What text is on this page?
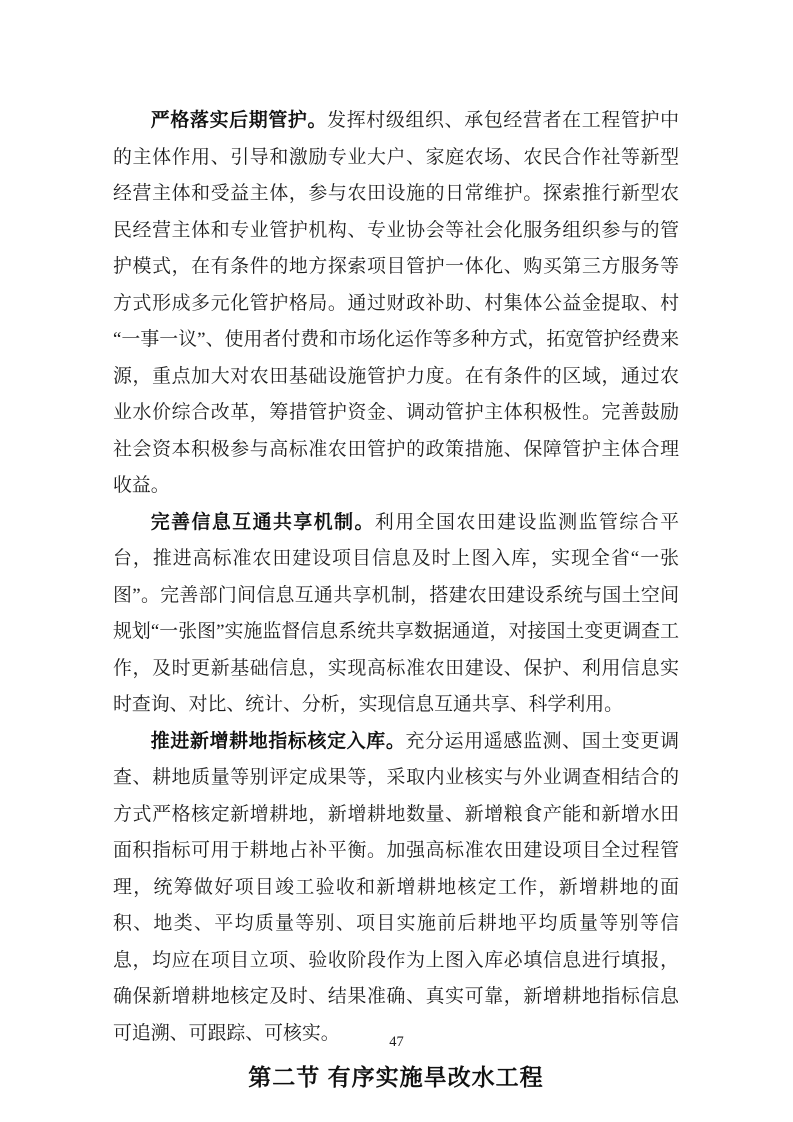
严格落实后期管护。发挥村级组织、承包经营者在工程管护中的主体作用、引导和激励专业大户、家庭农场、农民合作社等新型经营主体和受益主体，参与农田设施的日常维护。探索推行新型农民经营主体和专业管护机构、专业协会等社会化服务组织参与的管护模式，在有条件的地方探索项目管护一体化、购买第三方服务等方式形成多元化管护格局。通过财政补助、村集体公益金提取、村“一事一议”、使用者付费和市场化运作等多种方式，拓宽管护经费来源，重点加大对农田基础设施管护力度。在有条件的区域，通过农业水价综合改革，筹措管护资金、调动管护主体积极性。完善鼓励社会资本积极参与高标准农田管护的政策措施、保障管护主体合理收益。

完善信息互通共享机制。利用全国农田建设监测监管综合平台，推进高标准农田建设项目信息及时上图入库，实现全省“一张图”。完善部门间信息互通共享机制，搭建农田建设系统与国土空间规划“一张图”实施监督信息系统共享数据通道，对接国土变更调查工作，及时更新基础信息，实现高标准农田建设、保护、利用信息实时查询、对比、统计、分析，实现信息互通共享、科学利用。

推进新增耕地指标核定入库。充分运用遥感监测、国土变更调查、耕地质量等别评定成果等，采取内业核实与外业调查相结合的方式严格核定新增耕地，新增耕地数量、新增粮食产能和新增水田面积指标可用于耕地占补平衡。加强高标准农田建设项目全过程管理，统筹做好项目竣工验收和新增耕地核定工作，新增耕地的面积、地类、平均质量等别、项目实施前后耕地平均质量等别等信息，均应在项目立项、验收阶段作为上图入库必填信息进行填报，确保新增耕地核定及时、结果准确、真实可靠，新增耕地指标信息可追溯、可跟踪、可核实。

第二节 有序实施旱改水工程
47
